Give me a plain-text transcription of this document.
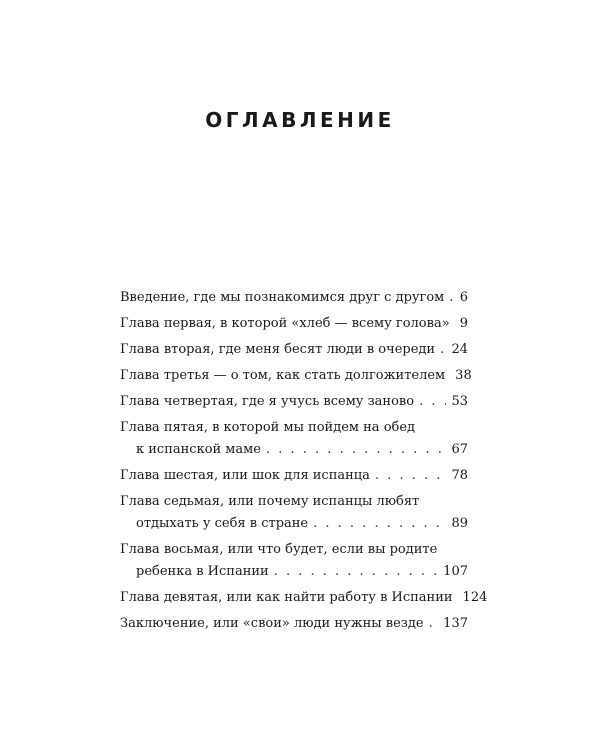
ОГЛАВЛЕНИЕ
Введение, где мы познакомимся друг с другом . . . 6
Глава первая, в которой «хлеб — всему голова» . . . 9
Глава вторая, где меня бесят люди в очереди . . . 24
Глава третья — о том, как стать долгожителем 38
Глава четвертая, где я учусь всему заново . . .	53
Глава пятая, в которой мы пойдем на обед
к испанской маме . . .	67
Глава шестая, или шок для испанца . . .	78
Глава седьмая, или почему испанцы любят
отдыхать у себя в стране . . .	89
Глава восьмая, или что будет, если вы родите
ребенка в Испании . . .	107
Глава девятая, или как найти работу в Испании 124
Заключение, или «свои» люди нужны везде . . . 137
